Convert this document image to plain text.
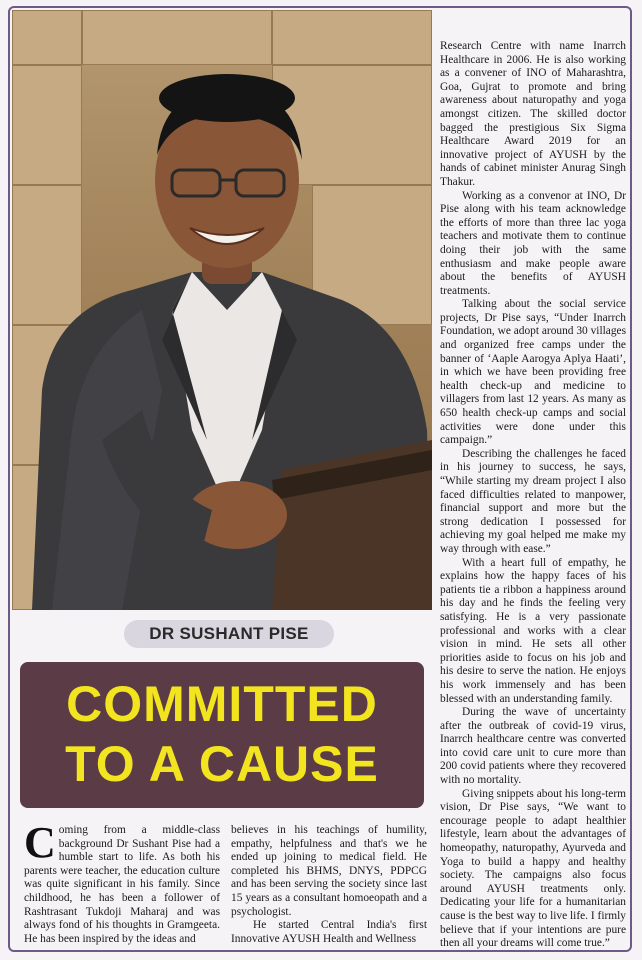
Research Centre with name Inarrch Healthcare in 2006. He is also working as a convener of INO of Maharashtra, Goa, Gujrat to promote and bring awareness about naturopathy and yoga amongst citizen. The skilled doctor bagged the prestigious Six Sigma Healthcare Award 2019 for an innovative project of AYUSH by the hands of cabinet minister Anurag Singh Thakur.

Working as a convenor at INO, Dr Pise along with his team acknowledge the efforts of more than three lac yoga teachers and motivate them to continue doing their job with the same enthusiasm and make people aware about the benefits of AYUSH treatments.

Talking about the social service projects, Dr Pise says, “Under Inarrch Foundation, we adopt around 30 villages and organized free camps under the banner of ‘Aaple Aarogya Aplya Haati’, in which we have been providing free health check-up and medicine to villagers from last 12 years. As many as 650 health check-up camps and social activities were done under this campaign.”

Describing the challenges he faced in his journey to success, he says, “While starting my dream project I also faced difficulties related to manpower, financial support and more but the strong dedication I possessed for achieving my goal helped me make my way through with ease.”

With a heart full of empathy, he explains how the happy faces of his patients tie a ribbon a happiness around his day and he finds the feeling very satisfying. He is a very passionate professional and works with a clear vision in mind. He sets all other priorities aside to focus on his job and his desire to serve the nation. He enjoys his work immensely and has been blessed with an understanding family.

During the wave of uncertainty after the outbreak of covid-19 virus, Inarrch healthcare centre was converted into covid care unit to cure more than 200 covid patients where they recovered with no mortality.

Giving snippets about his long-term vision, Dr Pise says, “We want to encourage people to adapt healthier lifestyle, learn about the advantages of homeopathy, naturopathy, Ayurveda and Yoga to build a happy and healthy society. The campaigns also focus around AYUSH treatments only. Dedicating your life for a humanitarian cause is the best way to live life. I firmly believe that if your intentions are pure then all your dreams will come true.”

DR SUSHANT PISE
COMMITTED
TO A CAUSE

Coming from a middle-class background Dr Sushant Pise had a humble start to life. As both his parents were teacher, the education culture was quite significant in his family. Since childhood, he has been a follower of Rashtrasant Tukdoji Maharaj and was always fond of his thoughts in Gramgeeta. He has been inspired by the ideas and

believes in his teachings of humility, empathy, helpfulness and that's we he ended up joining to medical field. He completed his BHMS, DNYS, PDPCG and has been serving the society since last 15 years as a consultant homoeopath and a psychologist.

He started Central India's first Innovative AYUSH Health and Wellness
